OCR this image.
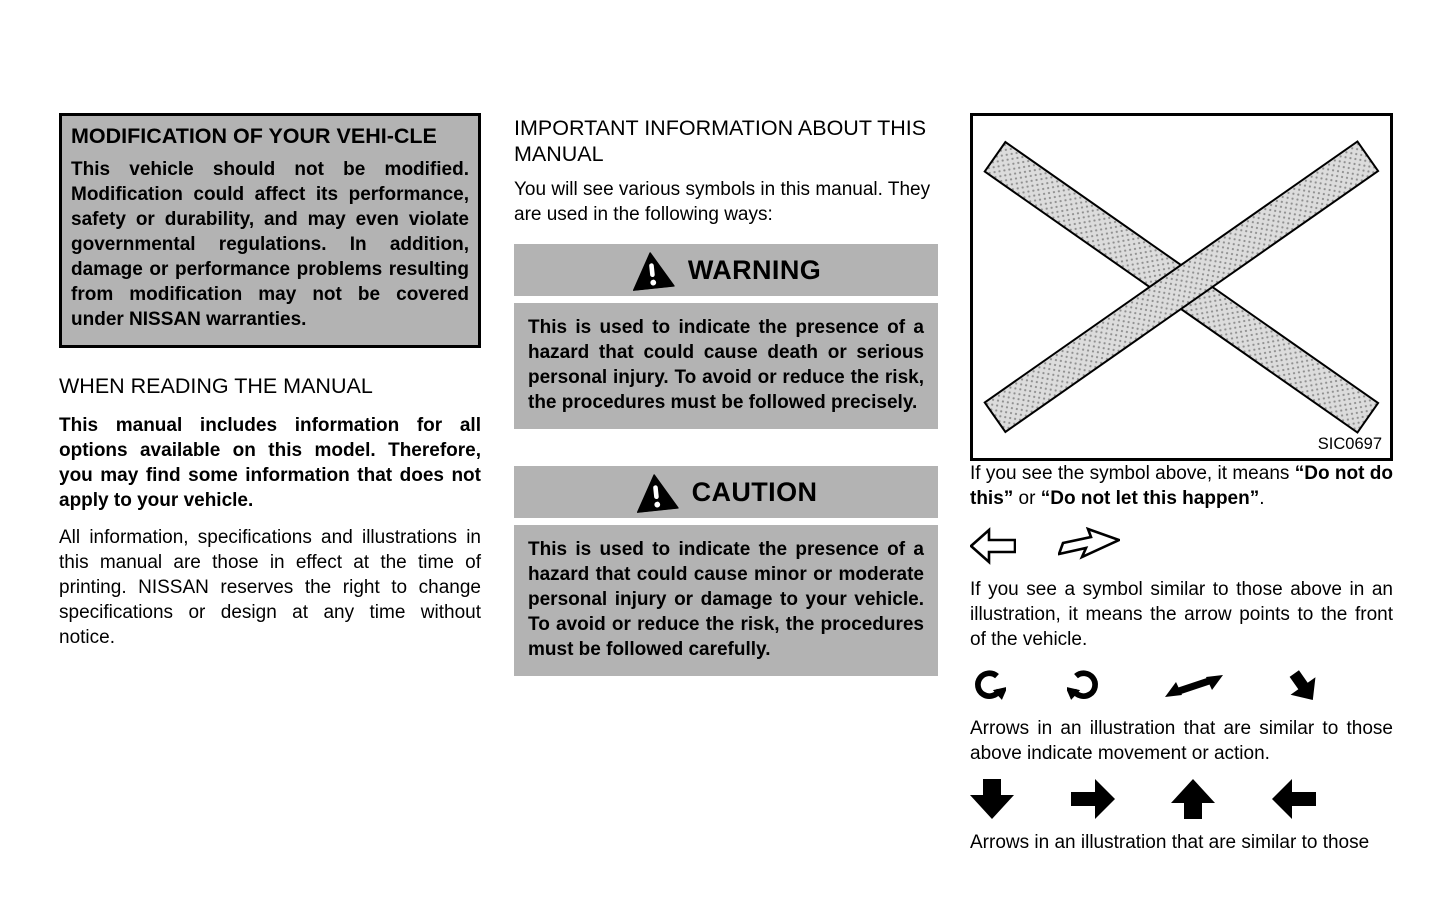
MODIFICATION OF YOUR VEHI-CLE

This vehicle should not be modified. Modification could affect its performance, safety or durability, and may even violate governmental regulations. In addition, damage or performance problems resulting from modification may not be covered under NISSAN warranties.

WHEN READING THE MANUAL

This manual includes information for all options available on this model. Therefore, you may find some information that does not apply to your vehicle.

All information, specifications and illustrations in this manual are those in effect at the time of printing. NISSAN reserves the right to change specifications or design at any time without notice.

IMPORTANT INFORMATION ABOUT THIS MANUAL

You will see various symbols in this manual. They are used in the following ways:

WARNING

This is used to indicate the presence of a hazard that could cause death or serious personal injury. To avoid or reduce the risk, the procedures must be followed precisely.

CAUTION

This is used to indicate the presence of a hazard that could cause minor or moderate personal injury or damage to your vehicle. To avoid or reduce the risk, the procedures must be followed carefully.

SIC0697

If you see the symbol above, it means “Do not do this” or “Do not let this happen”.

If you see a symbol similar to those above in an illustration, it means the arrow points to the front of the vehicle.

Arrows in an illustration that are similar to those above indicate movement or action.

Arrows in an illustration that are similar to those
